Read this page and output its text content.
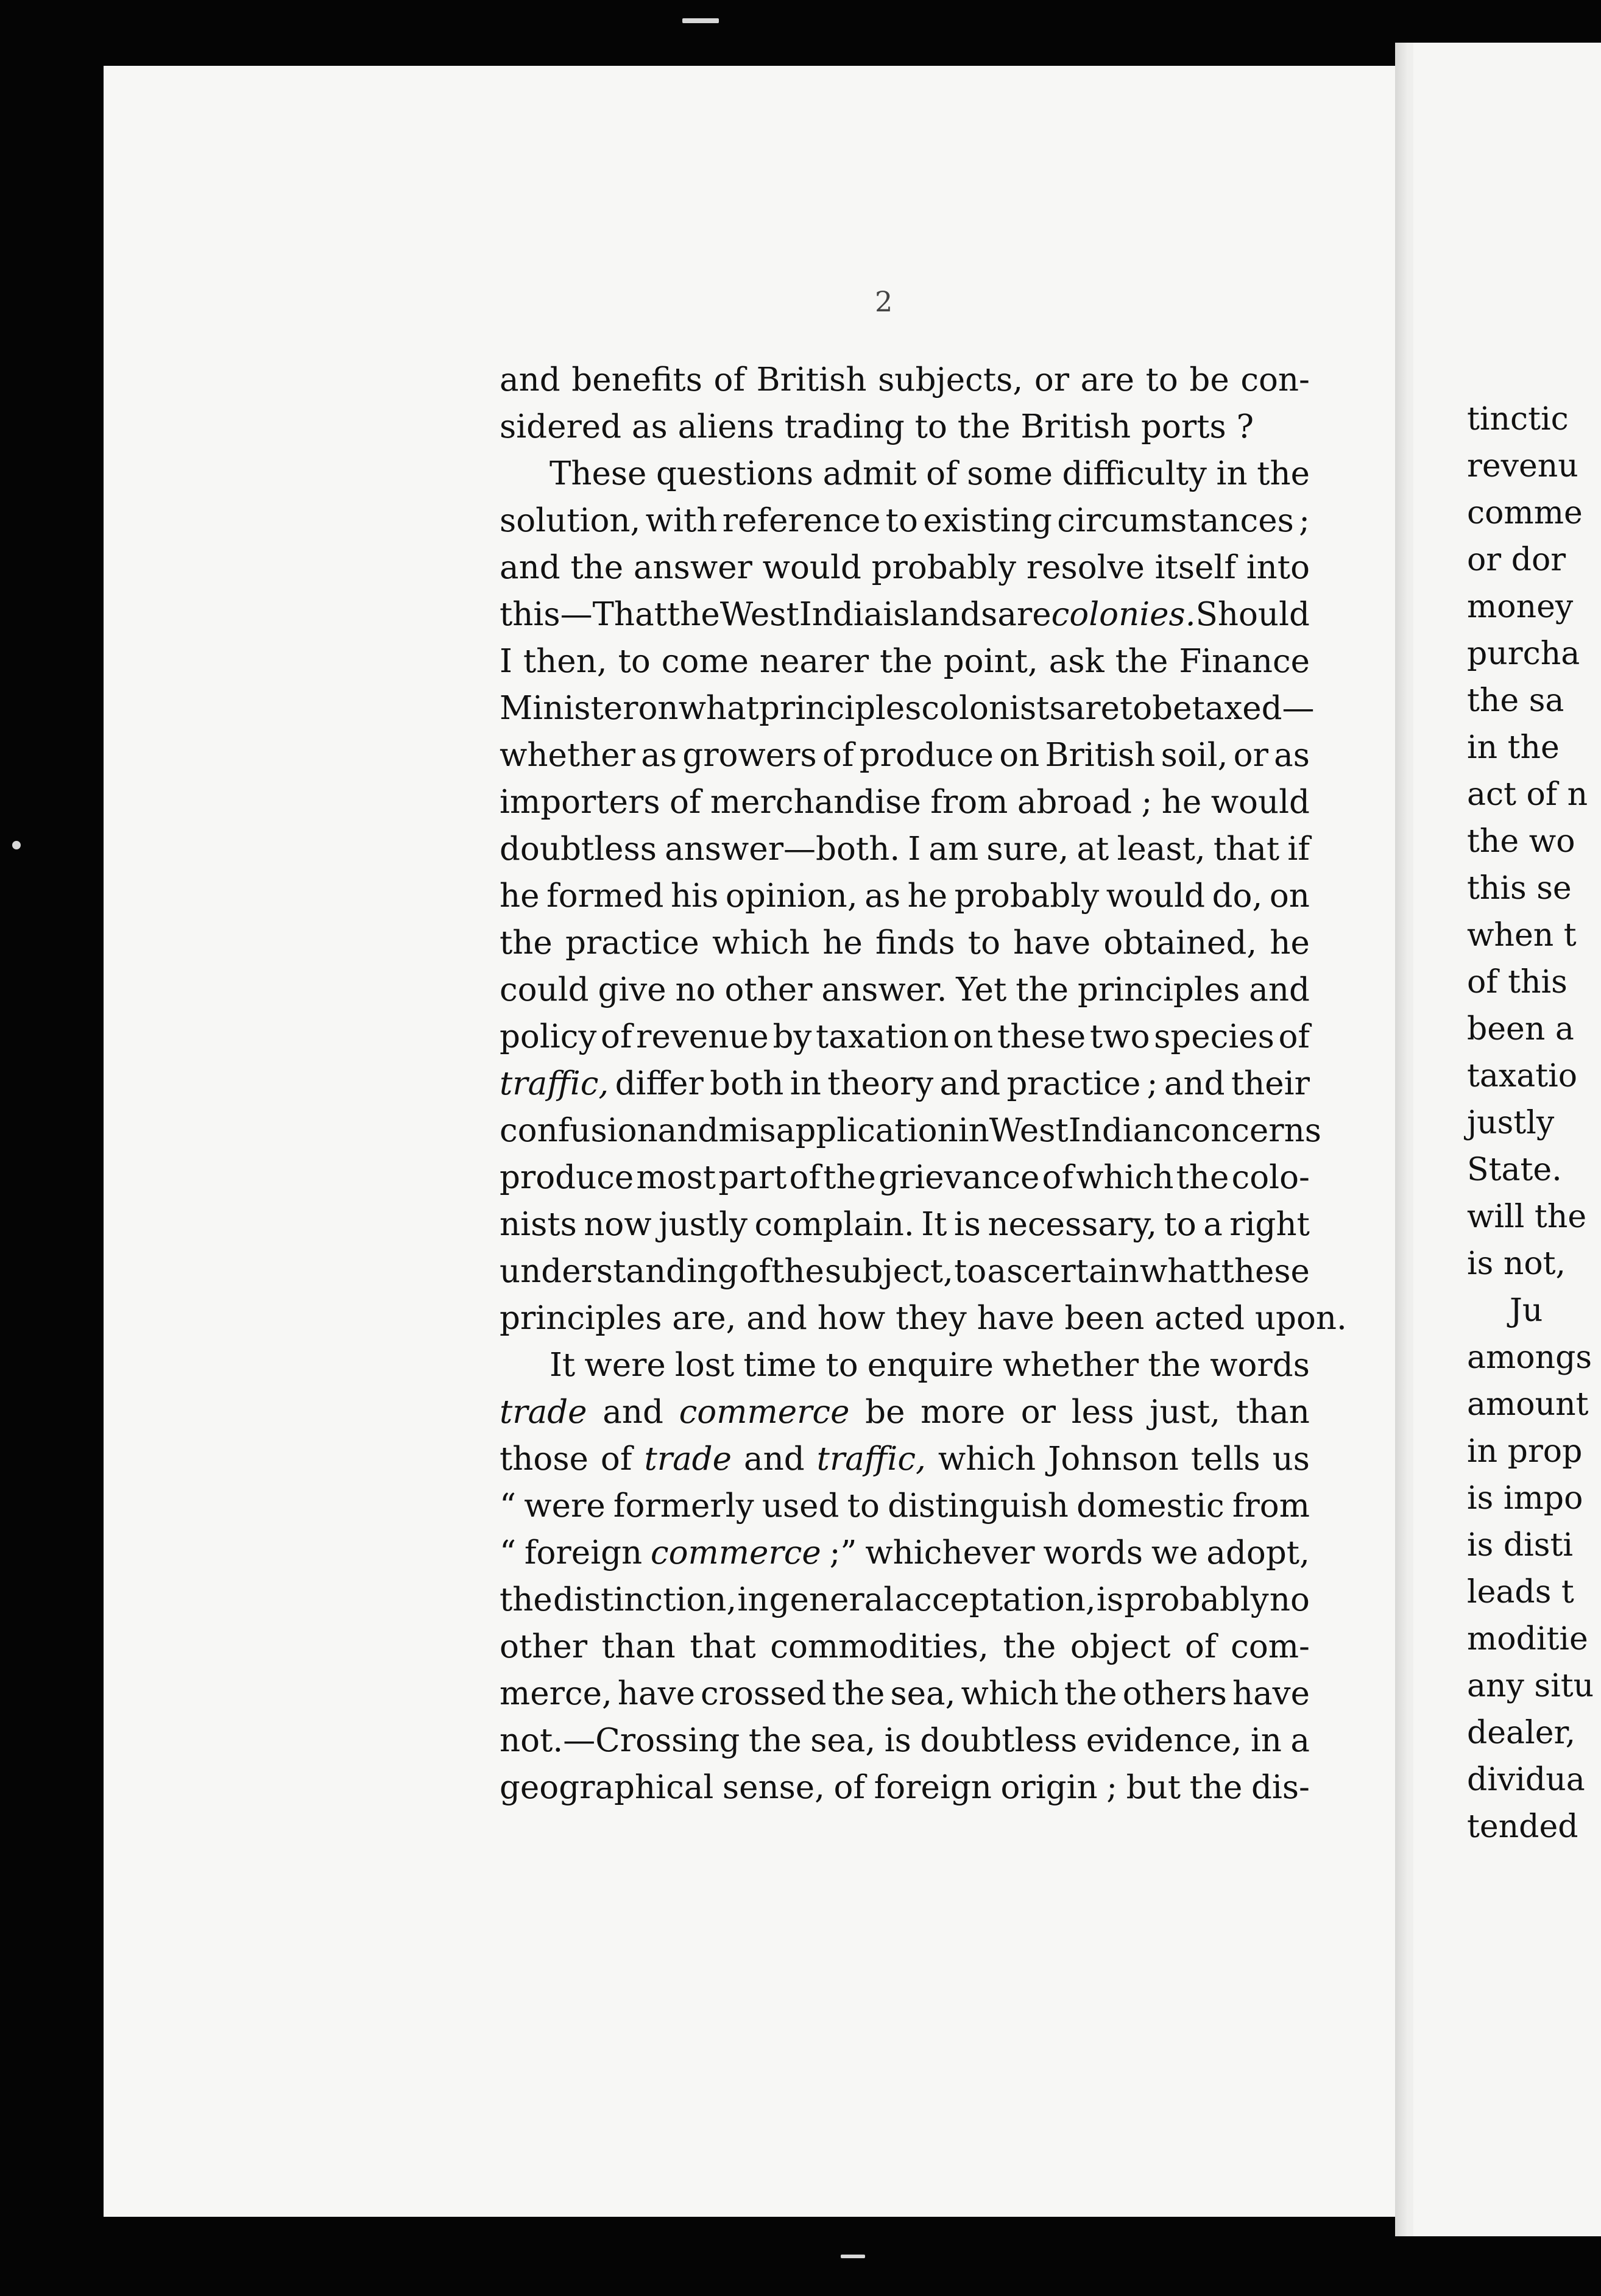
2
and benefits of British subjects, or are to be con-
sidered as aliens trading to the British ports ?
These questions admit of some difficulty in the
solution, with reference to existing circumstances ;
and the answer would probably resolve itself into
this—That the West India islands are colonies. Should
I then, to come nearer the point, ask the Finance
Minister on what principles colonists are to be taxed—
whether as growers of produce on British soil, or as
importers of merchandise from abroad ; he would
doubtless answer—both. I am sure, at least, that if
he formed his opinion, as he probably would do, on
the practice which he finds to have obtained, he
could give no other answer. Yet the principles and
policy of revenue by taxation on these two species of
traffic, differ both in theory and practice ; and their
confusion and misapplication in West Indian concerns
produce most part of the grievance of which the colo-
nists now justly complain. It is necessary, to a right
understanding of the subject, to ascertain what these
principles are, and how they have been acted upon.
It were lost time to enquire whether the words
trade and commerce be more or less just, than
those of trade and traffic, which Johnson tells us
“ were formerly used to distinguish domestic from
“ foreign commerce ;” whichever words we adopt,
the distinction, in general acceptation, is probably no
other than that commodities, the object of com-
merce, have crossed the sea, which the others have
not.—Crossing the sea, is doubtless evidence, in a
geographical sense, of foreign origin ; but the dis-
tinctic
revenu
comme
or dor
money
purcha
the sa
in the
act of n
the wo
this se
when t
of this
been a
taxatio
justly
State.
will the
is not,
Ju
amongs
amount
in prop
is impo
is disti
leads t
moditie
any situ
dealer,
dividua
tended
